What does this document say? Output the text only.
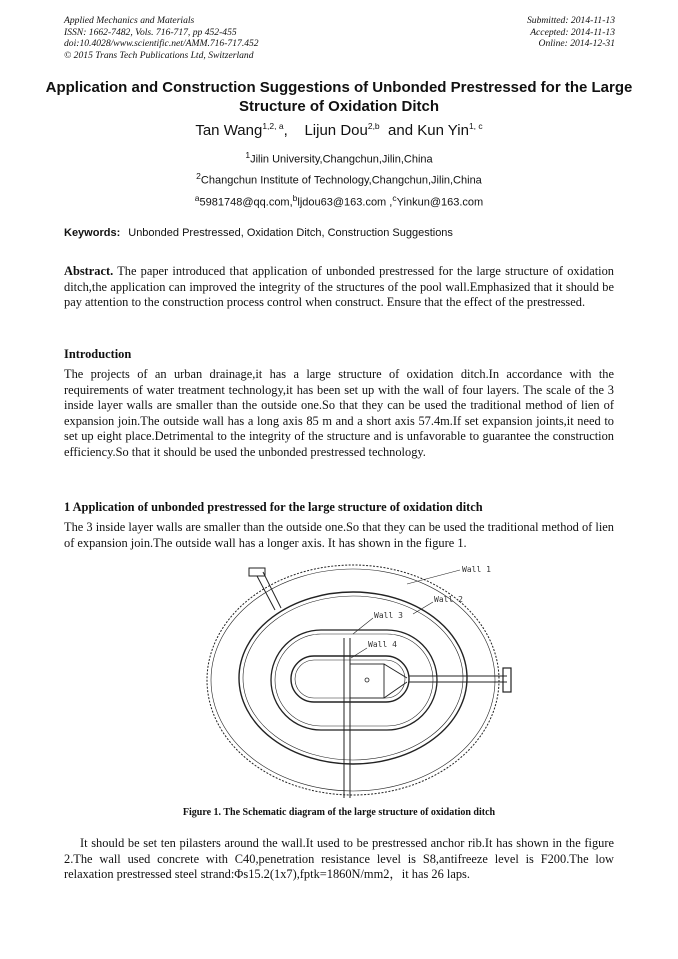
Applied Mechanics and Materials
ISSN: 1662-7482, Vols. 716-717, pp 452-455
doi:10.4028/www.scientific.net/AMM.716-717.452
© 2015 Trans Tech Publications Ltd, Switzerland
Submitted: 2014-11-13
Accepted: 2014-11-13
Online: 2014-12-31
Application and Construction Suggestions of Unbonded Prestressed for the Large Structure of Oxidation Ditch
Tan Wang$^{1,2, a}$, Lijun Dou$^{2,b}$ and Kun Yin$^{1, c}$
$^1$Jilin University,Changchun,Jilin,China
$^2$Changchun Institute of Technology,Changchun,Jilin,China
$^a$5981748@qq.com,$^b$ljdou63@163.com ,$^c$Yinkun@163.com
Keywords: Unbonded Prestressed, Oxidation Ditch, Construction Suggestions
Abstract. The paper introduced that application of unbonded prestressed for the large structure of oxidation ditch,the application can improved the integrity of the structures of the pool wall.Emphasized that it should be pay attention to the construction process control when construct. Ensure that the effect of the prestressed.
Introduction
The projects of an urban drainage,it has a large structure of oxidation ditch.In accordance with the requirements of water treatment technology,it has been set up with the wall of four layers. The scale of the 3 inside layer walls are smaller than the outside one.So that they can be used the traditional method of lien of expansion join.The outside wall has a long axis 85 m and a short axis 57.4m.If set expansion joints,it need to set up eight place.Detrimental to the integrity of the structure and is unfavorable to guarantee the construction efficiency.So that it should be used the unbonded prestressed technology.
1 Application of unbonded prestressed for the large structure of oxidation ditch
The 3 inside layer walls are smaller than the outside one.So that they can be used the traditional method of lien of expansion join.The outside wall has a longer axis. It has shown in the figure 1.
Wall 1
Wall 2
Wall 3
Wall 4
Figure 1. The Schematic diagram of the large structure of oxidation ditch
It should be set ten pilasters around the wall.It used to be prestressed anchor rib.It has shown in the figure 2.The wall used concrete with C40,penetration resistance level is S8,antifreeze level is F200.The low relaxation prestressed steel strand:Φs15.2(1x7),fptk=1860N/mm2，it has 26 laps.
